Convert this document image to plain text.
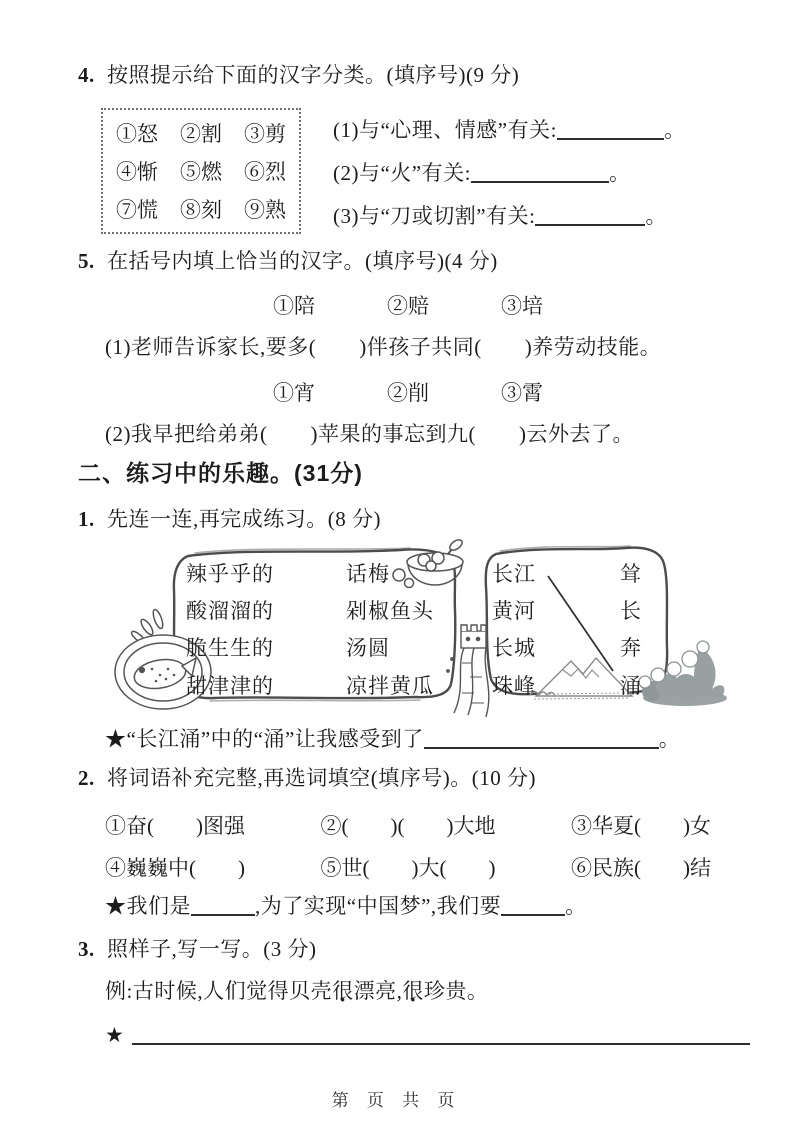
4. 按照提示给下面的汉字分类。(填序号)(9 分)
①怒 ②割 ③剪
④惭 ⑤燃 ⑥烈
⑦慌 ⑧刻 ⑨熟
(1)与“心理、情感”有关:	。
(2)与“火”有关:	。
(3)与“刀或切割”有关:	。
5. 在括号内填上恰当的汉字。(填序号)(4 分)
①陪	②赔	③培
(1)老师告诉家长,要多(　　)伴孩子共同(　　)养劳动技能。
①宵	②削	③霄
(2)我早把给弟弟(　　)苹果的事忘到九(　　)云外去了。
二、练习中的乐趣。(31分)
1. 先连一连,再完成练习。(8 分)
辣乎乎的
酸溜溜的
脆生生的
甜津津的
话梅
剁椒鱼头
汤圆
凉拌黄瓜
长江
黄河
长城
珠峰
耸
长
奔
涌
★“长江涌”中的“涌”让我感受到了	。
2. 将词语补充完整,再选词填空(填序号)。(10 分)
①奋(　　)图强	②(　　)(　　)大地	③华夏(　　)女
④巍巍中(　　)	⑤世(　　)大(　　)	⑥民族(　　)结
★我们是	,为了实现“中国梦”,我们要	。
3. 照样子,写一写。(3 分)
例:古时候,人们觉得贝壳很漂亮,很珍贵。
★
第 页 共 页
